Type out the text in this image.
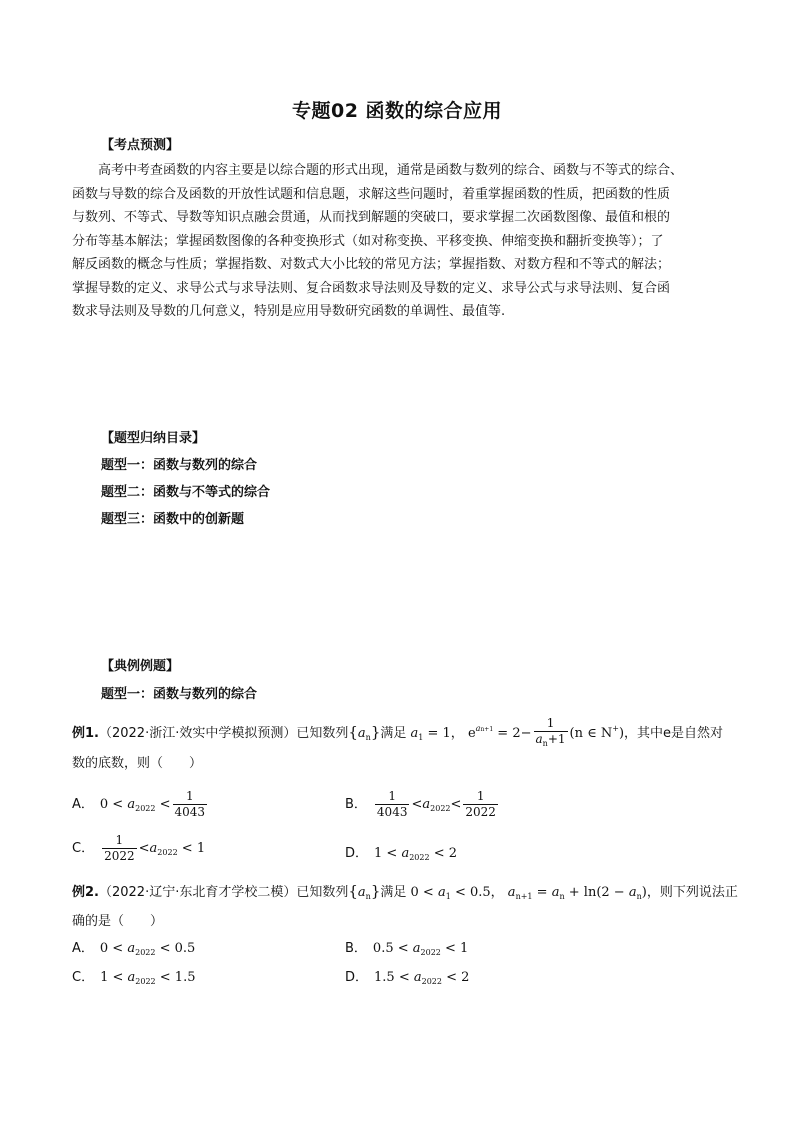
专题02 函数的综合应用
【考点预测】
高考中考查函数的内容主要是以综合题的形式出现，通常是函数与数列的综合、函数与不等式的综合、
函数与导数的综合及函数的开放性试题和信息题，求解这些问题时，着重掌握函数的性质，把函数的性质
与数列、不等式、导数等知识点融会贯通，从而找到解题的突破口，要求掌握二次函数图像、最值和根的
分布等基本解法；掌握函数图像的各种变换形式（如对称变换、平移变换、伸缩变换和翻折变换等）；了
解反函数的概念与性质；掌握指数、对数式大小比较的常见方法；掌握指数、对数方程和不等式的解法；
掌握导数的定义、求导公式与求导法则、复合函数求导法则及导数的定义、求导公式与求导法则、复合函
数求导法则及导数的几何意义，特别是应用导数研究函数的单调性、最值等.
【题型归纳目录】
题型一：函数与数列的综合
题型二：函数与不等式的综合
题型三：函数中的创新题
【典例例题】
题型一：函数与数列的综合
例1.（2022·浙江·效实中学模拟预测）已知数列$\{a_n\}$满足 $a_1 = 1$， $e^{an+1} = 2- \frac{1}{a_n+1} (n$ ∈ N+)，其中e是自然对
数的底数，则（　　）
A． $0 < a_{2022} < \frac{1}{4043}$	B． $\frac{1}{4043} <a_{2022}< \frac{1}{2022}$
C． $\frac{1}{2022} <a_{2022} < 1$	D． $1 < a_{2022} < 2$
例2.（2022·辽宁·东北育才学校二模）已知数列$\{a_n\}$满足 $0 < a_1 < 0.5$， $a_{n+1} = a_n + \ln(2 - a_n)$，则下列说法正
确的是（　　）
A． $0 < a_{2022} < 0.5$	B． $0.5 < a_{2022} < 1$
C． $1 < a_{2022} < 1.5$	D． $1.5 < a_{2022} < 2$
